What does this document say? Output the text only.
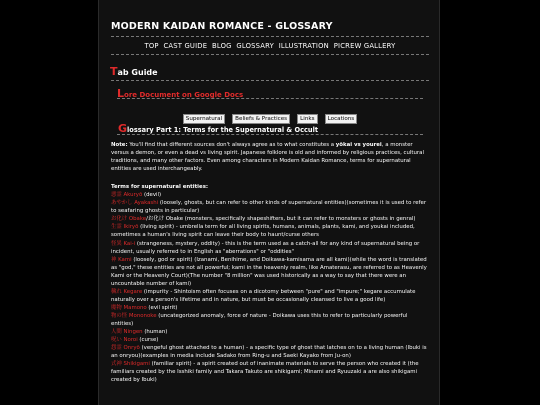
MODERN KAIDAN ROMANCE - GLOSSARY
TOP CAST GUIDE BLOG GLOSSARY ILLUSTRATION PICREW GALLERY
Tab Guide
Lore Document on Google Docs
Supernatural Beliefs & Practices Links Locations
Glossary Part 1: Terms for the Supernatural & Occult

Note: You'll find that different sources don't always agree as to what constitutes a yōkai vs yourei, a monster versus a demon, or even a dead vs living spirit. Japanese folklore is old and informed by religious practices, cultural traditions, and many other factors. Even among characters in Modern Kaidan Romance, terms for supernatural entities are used interchangeably.

Terms for supernatural entities:

悪霊 Akuryō (devil)

あやかし Ayakashi (loosely, ghosts, but can refer to other kinds of supernatural entities)(sometimes it is used to refer to seafaring ghosts in particular)

お化け Obake/お化け Obake (monsters, specifically shapeshifters, but it can refer to monsters or ghosts in genral)

生霊 Ikiryō (living spirit) - umbrella term for all living spirits, humans, animals, plants, kami, and youkai included, sometimes a human's living spirit can leave their body to haunt/curse others

怪異 Kai-i (strangeness, mystery, oddity) - this is the term used as a catch-all for any kind of supernatural being or incident, usually referred to in English as "aberrations" or "oddities"

神 Kami (loosely, god or spirit) (Izanami, Benihime, and Doikawa-kamisama are all kami)(while the word is translated as "god," these entities are not all powerful; kami in the heavenly realm, like Amaterasu, are referred to as Heavenly Kami or the Heavenly Court)(The number "8 million" was used historically as a way to say that there were an uncountable number of kami)

穢れ Kegare (impurity - Shintoism often focuses on a dicotomy between "pure" and "impure;" kegare accumulate naturally over a person's lifetime and in nature, but must be occasionally cleansed to live a good life)

魔物 Mamono (evil spirit)

物の怪 Mononoke (uncategorized anomaly, force of nature - Doikawa uses this to refer to particularly powerful entities)

人間 Ningen (human)

呪い Noroi (curse)

怨霊 Onryō (vengeful ghost attached to a human) - a specific type of ghost that latches on to a living human (Ibuki is an onryou)(examples in media include Sadako from Ring-u and Saeki Kayako from Ju-on)

式神 Shikigami (familiar spirit) - a spirit created out of inanimate materials to serve the person who created it (the familiars created by the Isshiki family and Takara Takuto are shikigami; Minami and Ryuuzaki a are also shikigami created by Ibuki)
